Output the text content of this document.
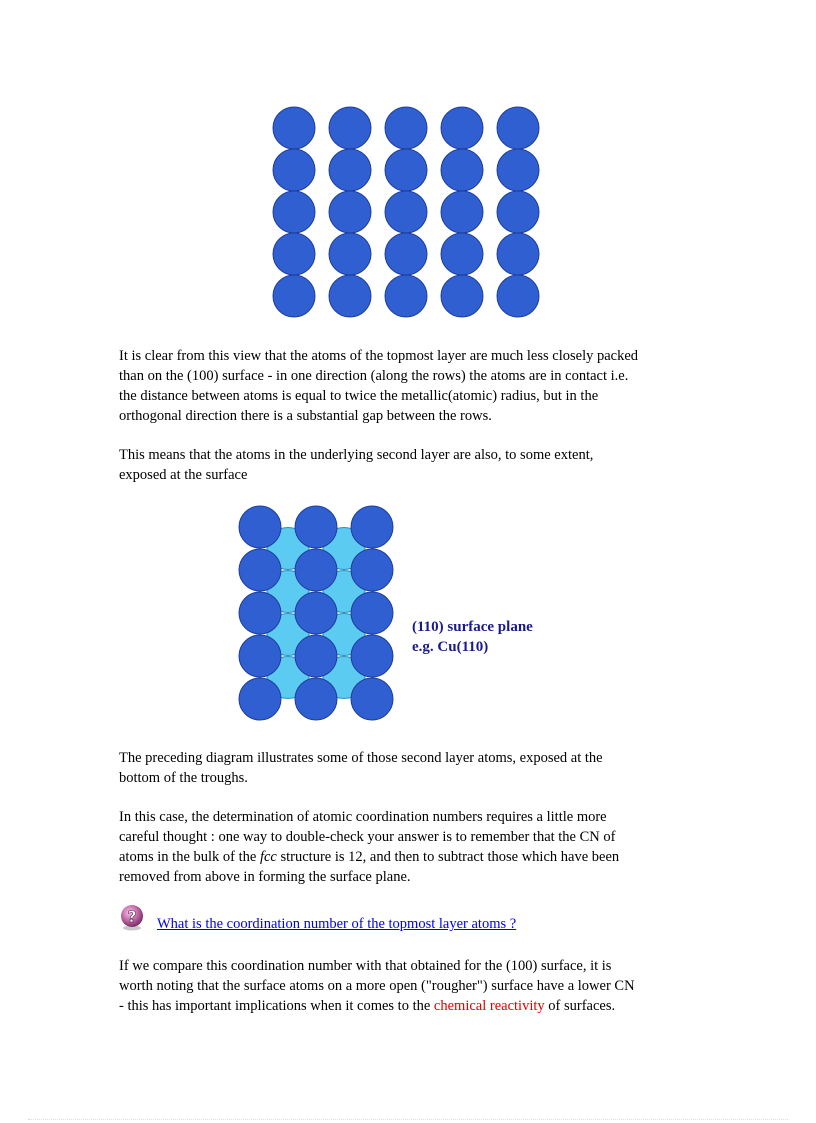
It is clear from this view that the atoms of the topmost layer are much less closely packed
than on the (100) surface - in one direction (along the rows) the atoms are in contact i.e.
the distance between atoms is equal to twice the metallic(atomic) radius, but in the
orthogonal direction there is a substantial gap between the rows.

This means that the atoms in the underlying second layer are also, to some extent,
exposed at the surface

(110) surface plane
e.g. Cu(110)

The preceding diagram illustrates some of those second layer atoms, exposed at the
bottom of the troughs.

In this case, the determination of atomic coordination numbers requires a little more
careful thought : one way to double-check your answer is to remember that the CN of
atoms in the bulk of the fcc structure is 12, and then to subtract those which have been
removed from above in forming the surface plane.

? What is the coordination number of the topmost layer atoms ?

If we compare this coordination number with that obtained for the (100) surface, it is
worth noting that the surface atoms on a more open ("rougher") surface have a lower CN
- this has important implications when it comes to the chemical reactivity of surfaces.
